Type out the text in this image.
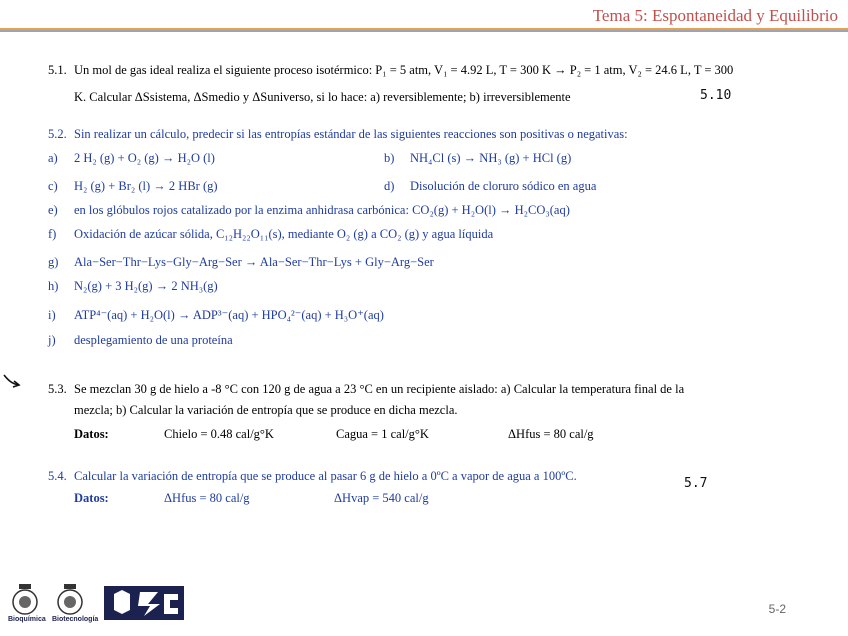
Tema 5: Espontaneidad y Equilibrio
5.1. Un mol de gas ideal realiza el siguiente proceso isotérmico: P₁ = 5 atm, V₁ = 4.92 L, T = 300 K → P₂ = 1 atm, V₂ = 24.6 L, T = 300
K. Calcular ΔSsistema, ΔSmedio y ΔSuniverso, si lo hace: a) reversiblemente; b) irreversiblemente	5.10
5.2. Sin realizar un cálculo, predecir si las entropías estándar de las siguientes reacciones son positivas o negativas:
a) 2 H₂ (g) + O₂ (g) → H₂O (l)	b) NH₄Cl (s) → NH₃ (g) + HCl (g)
c) H₂ (g) + Br₂ (l) → 2 HBr (g)	d) Disolución de cloruro sódico en agua
e) en los glóbulos rojos catalizado por la enzima anhidrasa carbónica: CO₂(g) + H₂O(l) → H₂CO₃(aq)
f) Oxidación de azúcar sólida, C₁₂H₂₂O₁₁(s), mediante O₂ (g) a CO₂ (g) y agua líquida
g) Ala−Ser−Thr−Lys−Gly−Arg−Ser → Ala−Ser−Thr−Lys + Gly−Arg−Ser
h) N₂(g) + 3 H₂(g) → 2 NH₃(g)
i) ATP⁴⁻(aq) + H₂O(l) → ADP³⁻(aq) + HPO₄²⁻(aq) + H₃O⁺(aq)
j) desplegamiento de una proteína
5.3. Se mezclan 30 g de hielo a -8 °C con 120 g de agua a 23 °C en un recipiente aislado: a) Calcular la temperatura final de la
mezcla; b) Calcular la variación de entropía que se produce en dicha mezcla.
Datos:	Chielo = 0.48 cal/g°K	Cagua = 1 cal/g°K	ΔHfus = 80 cal/g
5.4. Calcular la variación de entropía que se produce al pasar 6 g de hielo a 0ºC a vapor de agua a 100ºC.	5.7
Datos:	ΔHfus = 80 cal/g	ΔHvap = 540 cal/g
Bioquímica Biotecnología
5-2
